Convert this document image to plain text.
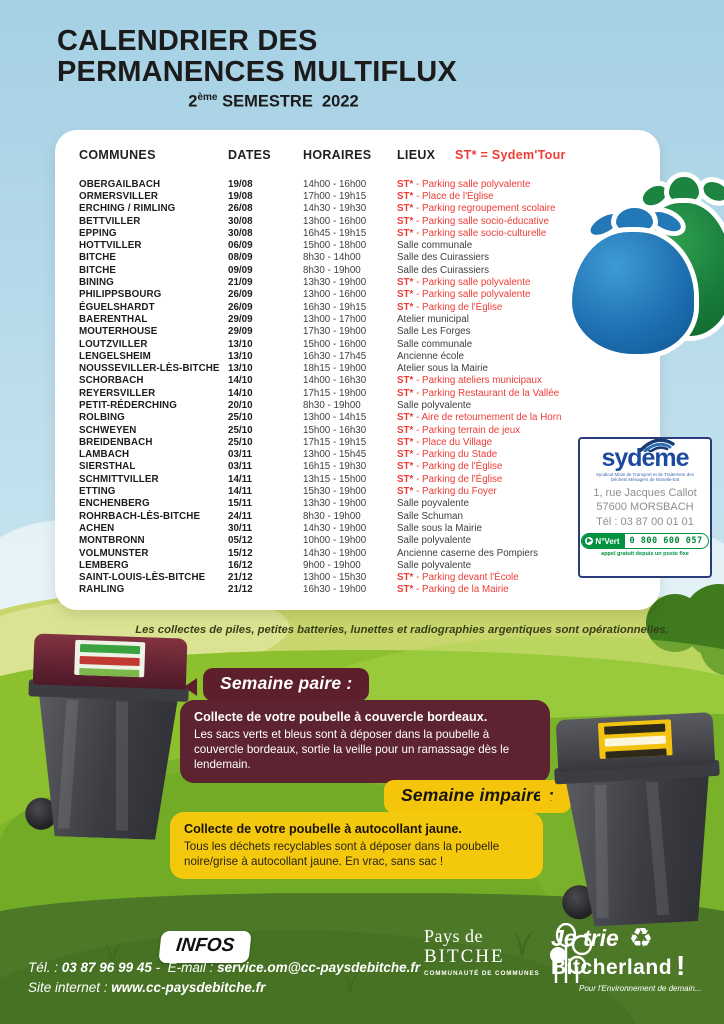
CALENDRIER DES
PERMANENCES MULTIFLUX
2ème SEMESTRE  2022
COMMUNES	DATES	HORAIRES	LIEUX	ST* = Sydem'Tour
OBERGAILBACH	19/08	14h00 - 16h00	ST* - Parking salle polyvalente
ORMERSVILLER	19/08	17h00 - 19h15	ST* - Place de l'Église
ERCHING / RIMLING	26/08	14h30 - 19h30	ST* - Parking regroupement scolaire
BETTVILLER	30/08	13h00 - 16h00	ST* - Parking salle socio-éducative
EPPING	30/08	16h45 - 19h15	ST* - Parking salle socio-culturelle
HOTTVILLER	06/09	15h00 - 18h00	Salle communale
BITCHE	08/09	8h30 - 14h00	Salle des Cuirassiers
BITCHE	09/09	8h30 - 19h00	Salle des Cuirassiers
BINING	21/09	13h30 - 19h00	ST* - Parking salle polyvalente
PHILIPPSBOURG	26/09	13h00 - 16h00	ST* - Parking salle polyvalente
ÉGUELSHARDT	26/09	16h30 - 19h15	ST* - Parking de l'Église
BAERENTHAL	29/09	13h00 - 17h00	Atelier municipal
MOUTERHOUSE	29/09	17h30 - 19h00	Salle Les Forges
LOUTZVILLER	13/10	15h00 - 16h00	Salle communale
LENGELSHEIM	13/10	16h30 - 17h45	Ancienne école
NOUSSEVILLER-LÈS-BITCHE 13/10	18h15 - 19h00	Atelier sous la Mairie
SCHORBACH	14/10	14h00 - 16h30	ST* - Parking ateliers municipaux
REYERSVILLER	14/10	17h15 - 19h00	ST* - Parking Restaurant de la Vallée
PETIT-RÉDERCHING	20/10	8h30 - 19h00	Salle polyvalente
ROLBING	25/10	13h00 - 14h15	ST* - Aire de retournement de la Horn
SCHWEYEN	25/10	15h00 - 16h30	ST* - Parking terrain de jeux
BREIDENBACH	25/10	17h15 - 19h15	ST* - Place du Village
LAMBACH	03/11	13h00 - 15h45	ST* - Parking du Stade
SIERSTHAL	03/11	16h15 - 19h30	ST* - Parking de l'Église
SCHMITTVILLER	14/11	13h15 - 15h00	ST* - Parking de l'Église
ETTING	14/11	15h30 - 19h00	ST* - Parking du Foyer
ENCHENBERG	15/11	13h30 - 19h00	Salle poyvalente
ROHRBACH-LÈS-BITCHE	24/11	8h30 - 19h00	Salle Schuman
ACHEN	30/11	14h30 - 19h00	Salle sous la Mairie
MONTBRONN	05/12	10h00 - 19h00	Salle polyvalente
VOLMUNSTER	15/12	14h30 - 19h00	Ancienne caserne des Pompiers
LEMBERG	16/12	9h00 - 19h00	Salle polyvalente
SAINT-LOUIS-LÈS-BITCHE	21/12	13h00 - 15h30	ST* - Parking devant l'École
RAHLING	21/12	16h30 - 19h00	ST* - Parking de la Mairie
sydème
Syndicat Mixte de Transport et de Traitement des Déchets Ménagers de Moselle-Est
1, rue Jacques Callot
57600 MORSBACH
Tél : 03 87 00 01 01
▶ N°Vert	0 800 600 057
appel gratuit depuis un poste fixe
Les collectes de piles, petites batteries, lunettes et radiographies argentiques sont opérationnelles.
Semaine paire :
Collecte de votre poubelle à couvercle bordeaux.
Les sacs verts et bleus sont à déposer dans la poubelle à couvercle bordeaux, sortie la veille pour un ramassage dès le lendemain.
Semaine impaire :
Collecte de votre poubelle à autocollant jaune.
Tous les déchets recyclables sont à déposer dans la poubelle noire/grise à autocollant jaune. En vrac, sans sac !
INFOS
Tél. : 03 87 96 99 45 -  E-mail : service.om@cc-paysdebitche.fr
Site internet : www.cc-paysdebitche.fr
Pays de
BITCHE
COMMUNAUTÉ DE COMMUNES
Je trie ♻
Bitcherland !
Pour l'Environnement de demain...
